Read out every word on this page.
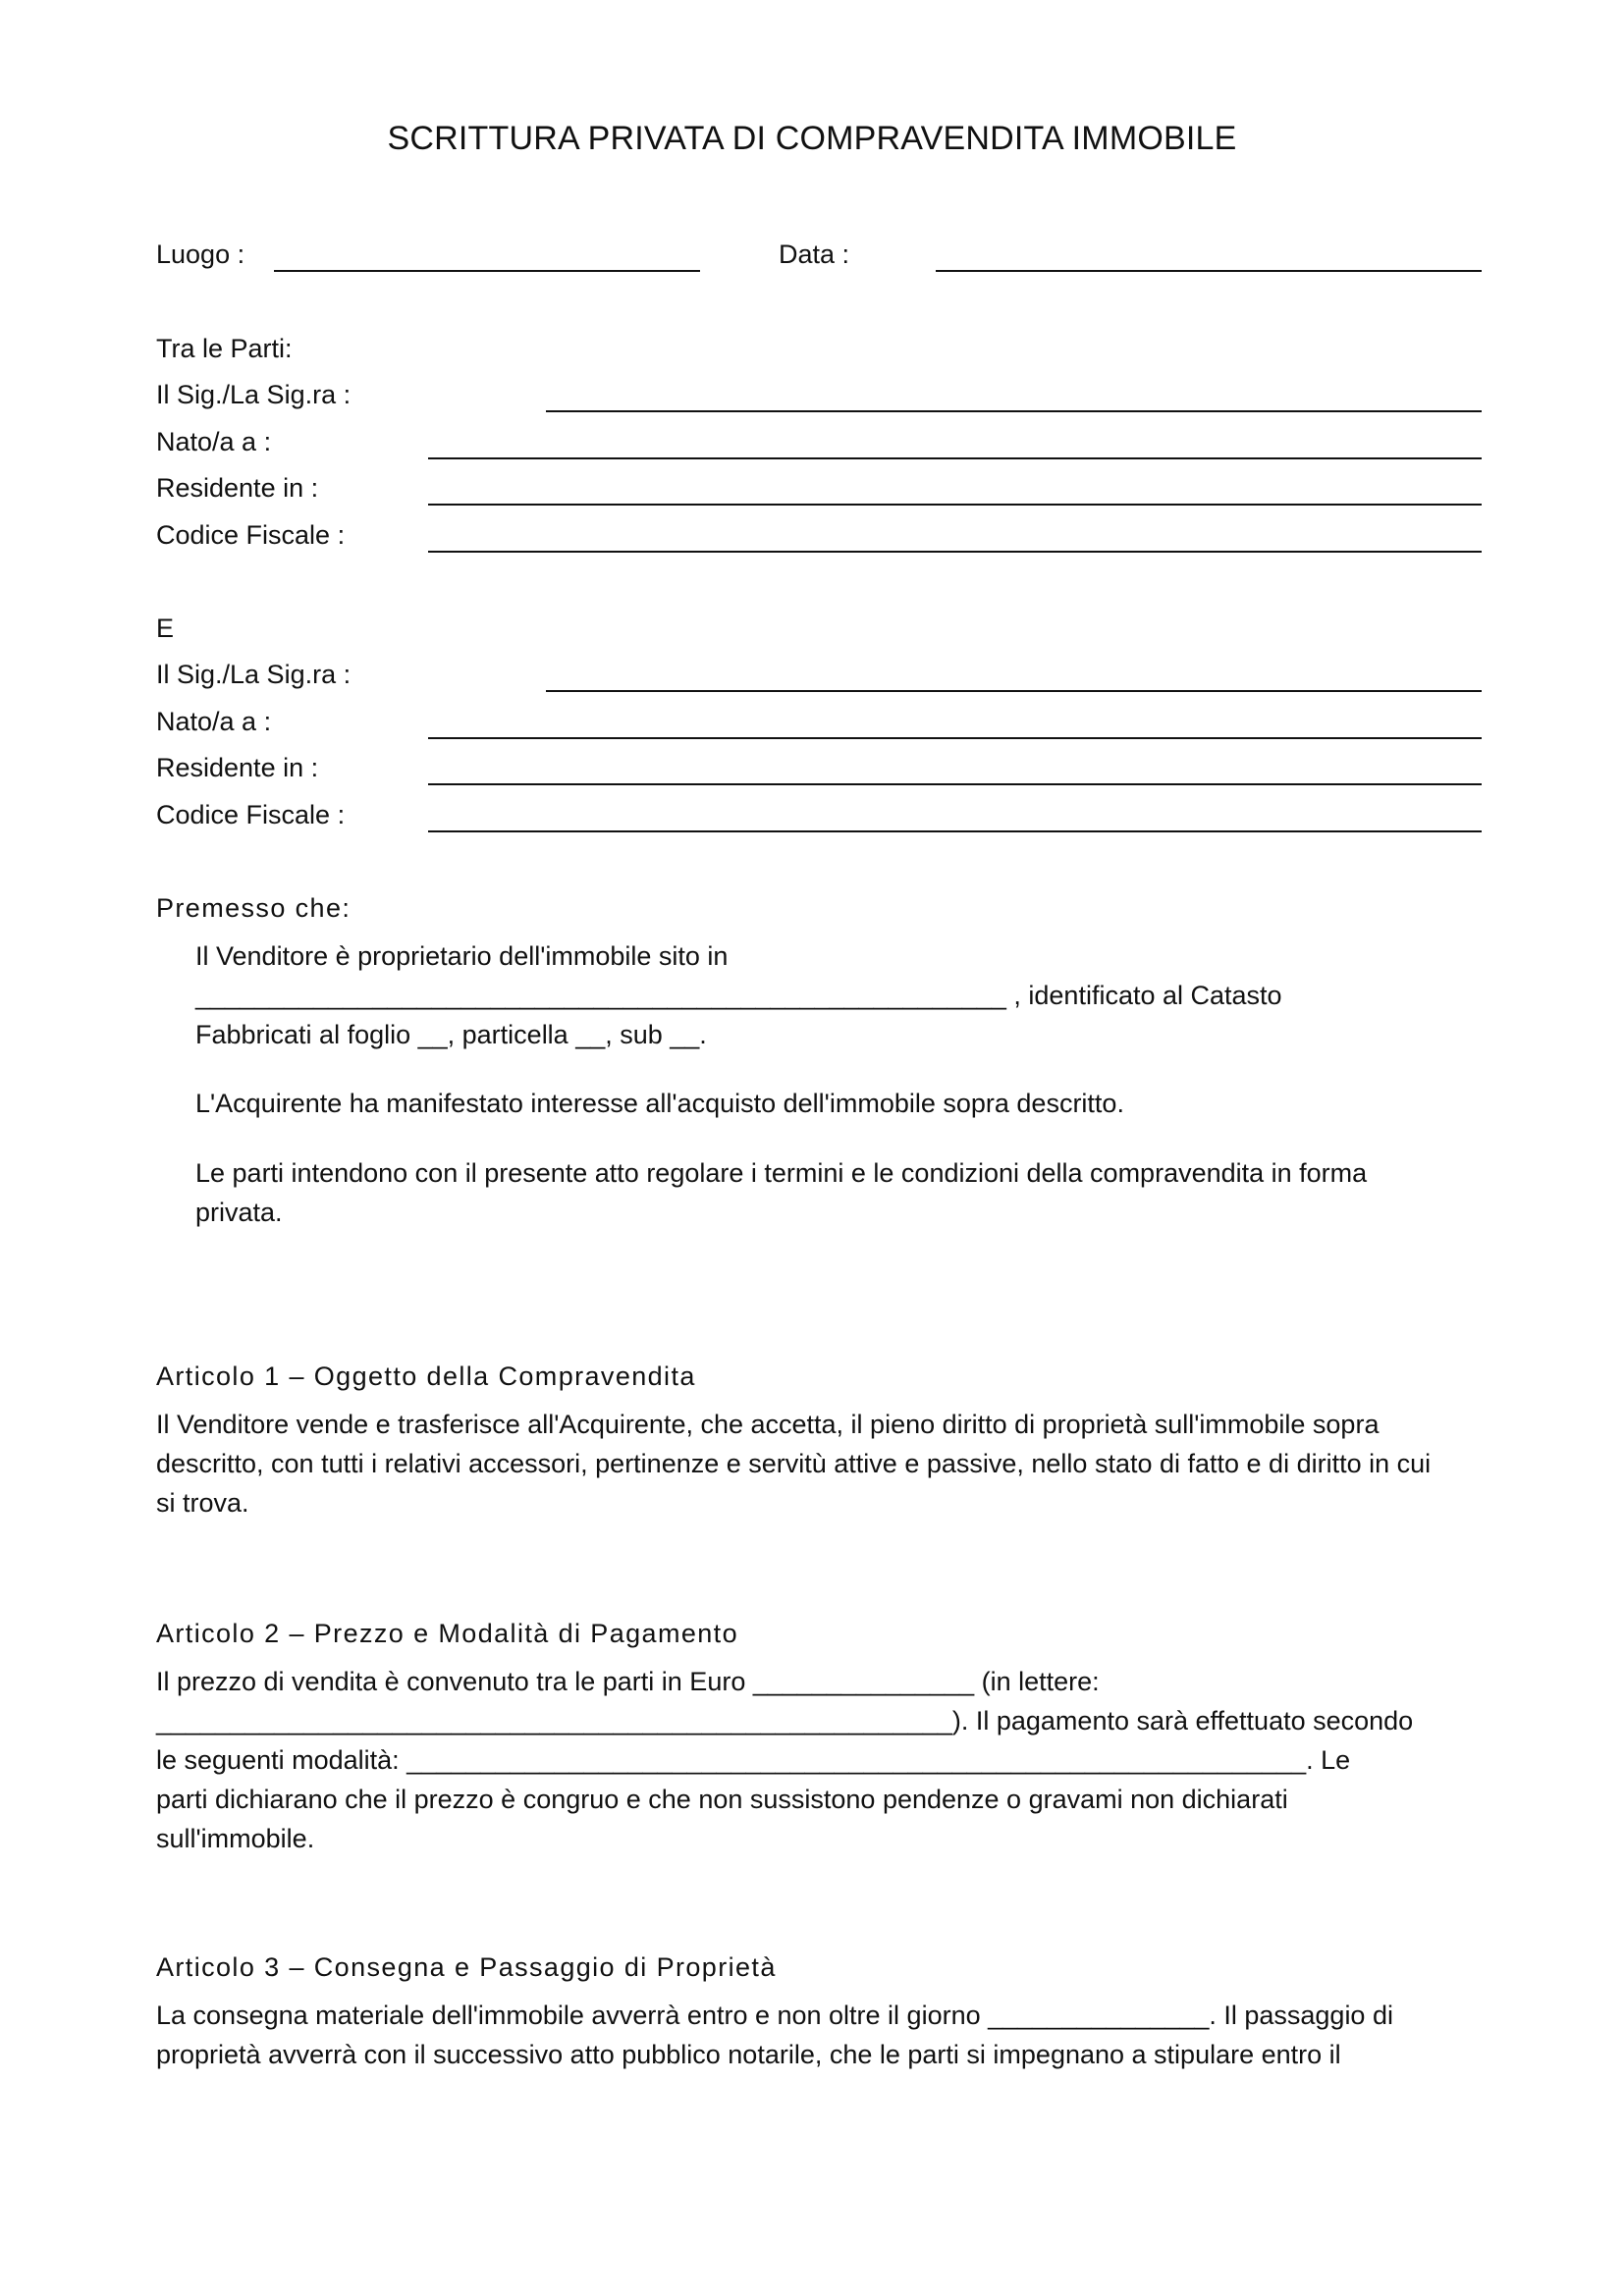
SCRITTURA PRIVATA DI COMPRAVENDITA IMMOBILE
Luogo :	Data :
Tra le Parti:
Il Sig./La Sig.ra :
Nato/a a :
Residente in :
Codice Fiscale :
E
Il Sig./La Sig.ra :
Nato/a a :
Residente in :
Codice Fiscale :
Premesso che:
Il Venditore è proprietario dell'immobile sito in
_______________________________________________________ , identificato al Catasto
Fabbricati al foglio __, particella __, sub __.
L'Acquirente ha manifestato interesse all'acquisto dell'immobile sopra descritto.
Le parti intendono con il presente atto regolare i termini e le condizioni della compravendita in forma
privata.
Articolo 1 – Oggetto della Compravendita
Il Venditore vende e trasferisce all'Acquirente, che accetta, il pieno diritto di proprietà sull'immobile sopra
descritto, con tutti i relativi accessori, pertinenze e servitù attive e passive, nello stato di fatto e di diritto in cui
si trova.
Articolo 2 – Prezzo e Modalità di Pagamento
Il prezzo di vendita è convenuto tra le parti in Euro _______________ (in lettere:
______________________________________________________). Il pagamento sarà effettuato secondo
le seguenti modalità: _____________________________________________________________. Le
parti dichiarano che il prezzo è congruo e che non sussistono pendenze o gravami non dichiarati
sull'immobile.
Articolo 3 – Consegna e Passaggio di Proprietà
La consegna materiale dell'immobile avverrà entro e non oltre il giorno _______________. Il passaggio di
proprietà avverrà con il successivo atto pubblico notarile, che le parti si impegnano a stipulare entro il
